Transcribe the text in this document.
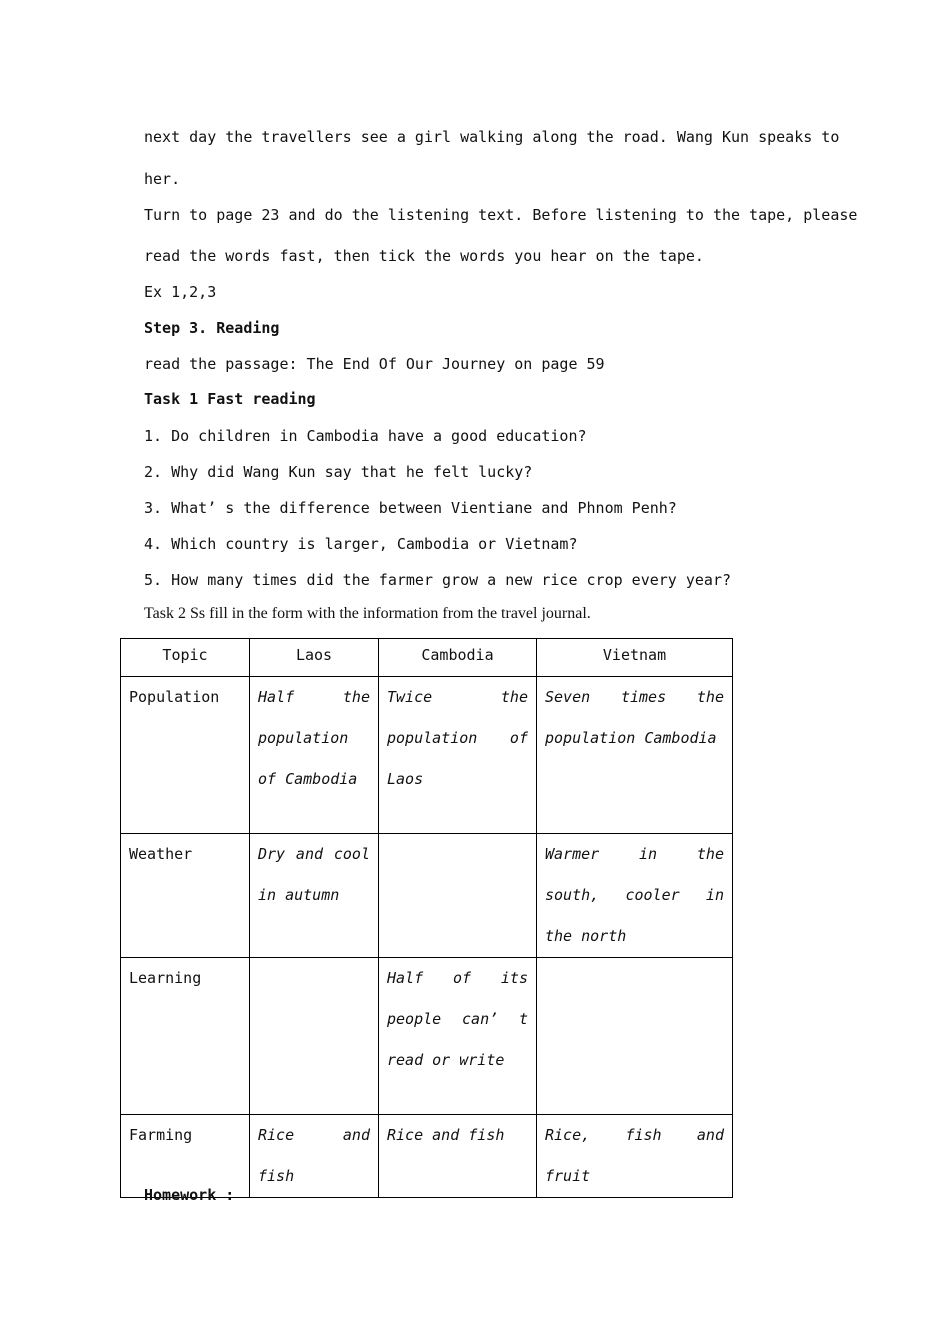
next day the travellers see a girl walking along the road. Wang Kun speaks to
her.
Turn to page 23 and do the listening text. Before listening to the tape, please
read the words fast, then tick the words you hear on the tape.
Ex 1,2,3
Step 3. Reading
read the passage: The End Of Our Journey on page 59
Task 1 Fast reading
1. Do children in Cambodia have a good education?
2. Why did Wang Kun say that he felt lucky?
3. What’ s the difference between Vientiane and Phnom Penh?
4. Which country is larger, Cambodia or Vietnam?
5. How many times did the farmer grow a new rice crop every year?
Task 2 Ss fill in the form with the information from the travel journal.
Topic	Laos	Cambodia	Vietnam
Population	Half the population of Cambodia	Twice the population of Laos	Seven times the population Cambodia
Weather	Dry and cool in autumn		Warmer in the south, cooler in the north
Learning		Half of its people can’ t read or write	
Farming	Rice and fish	Rice and fish	Rice, fish and fruit
Homework :
